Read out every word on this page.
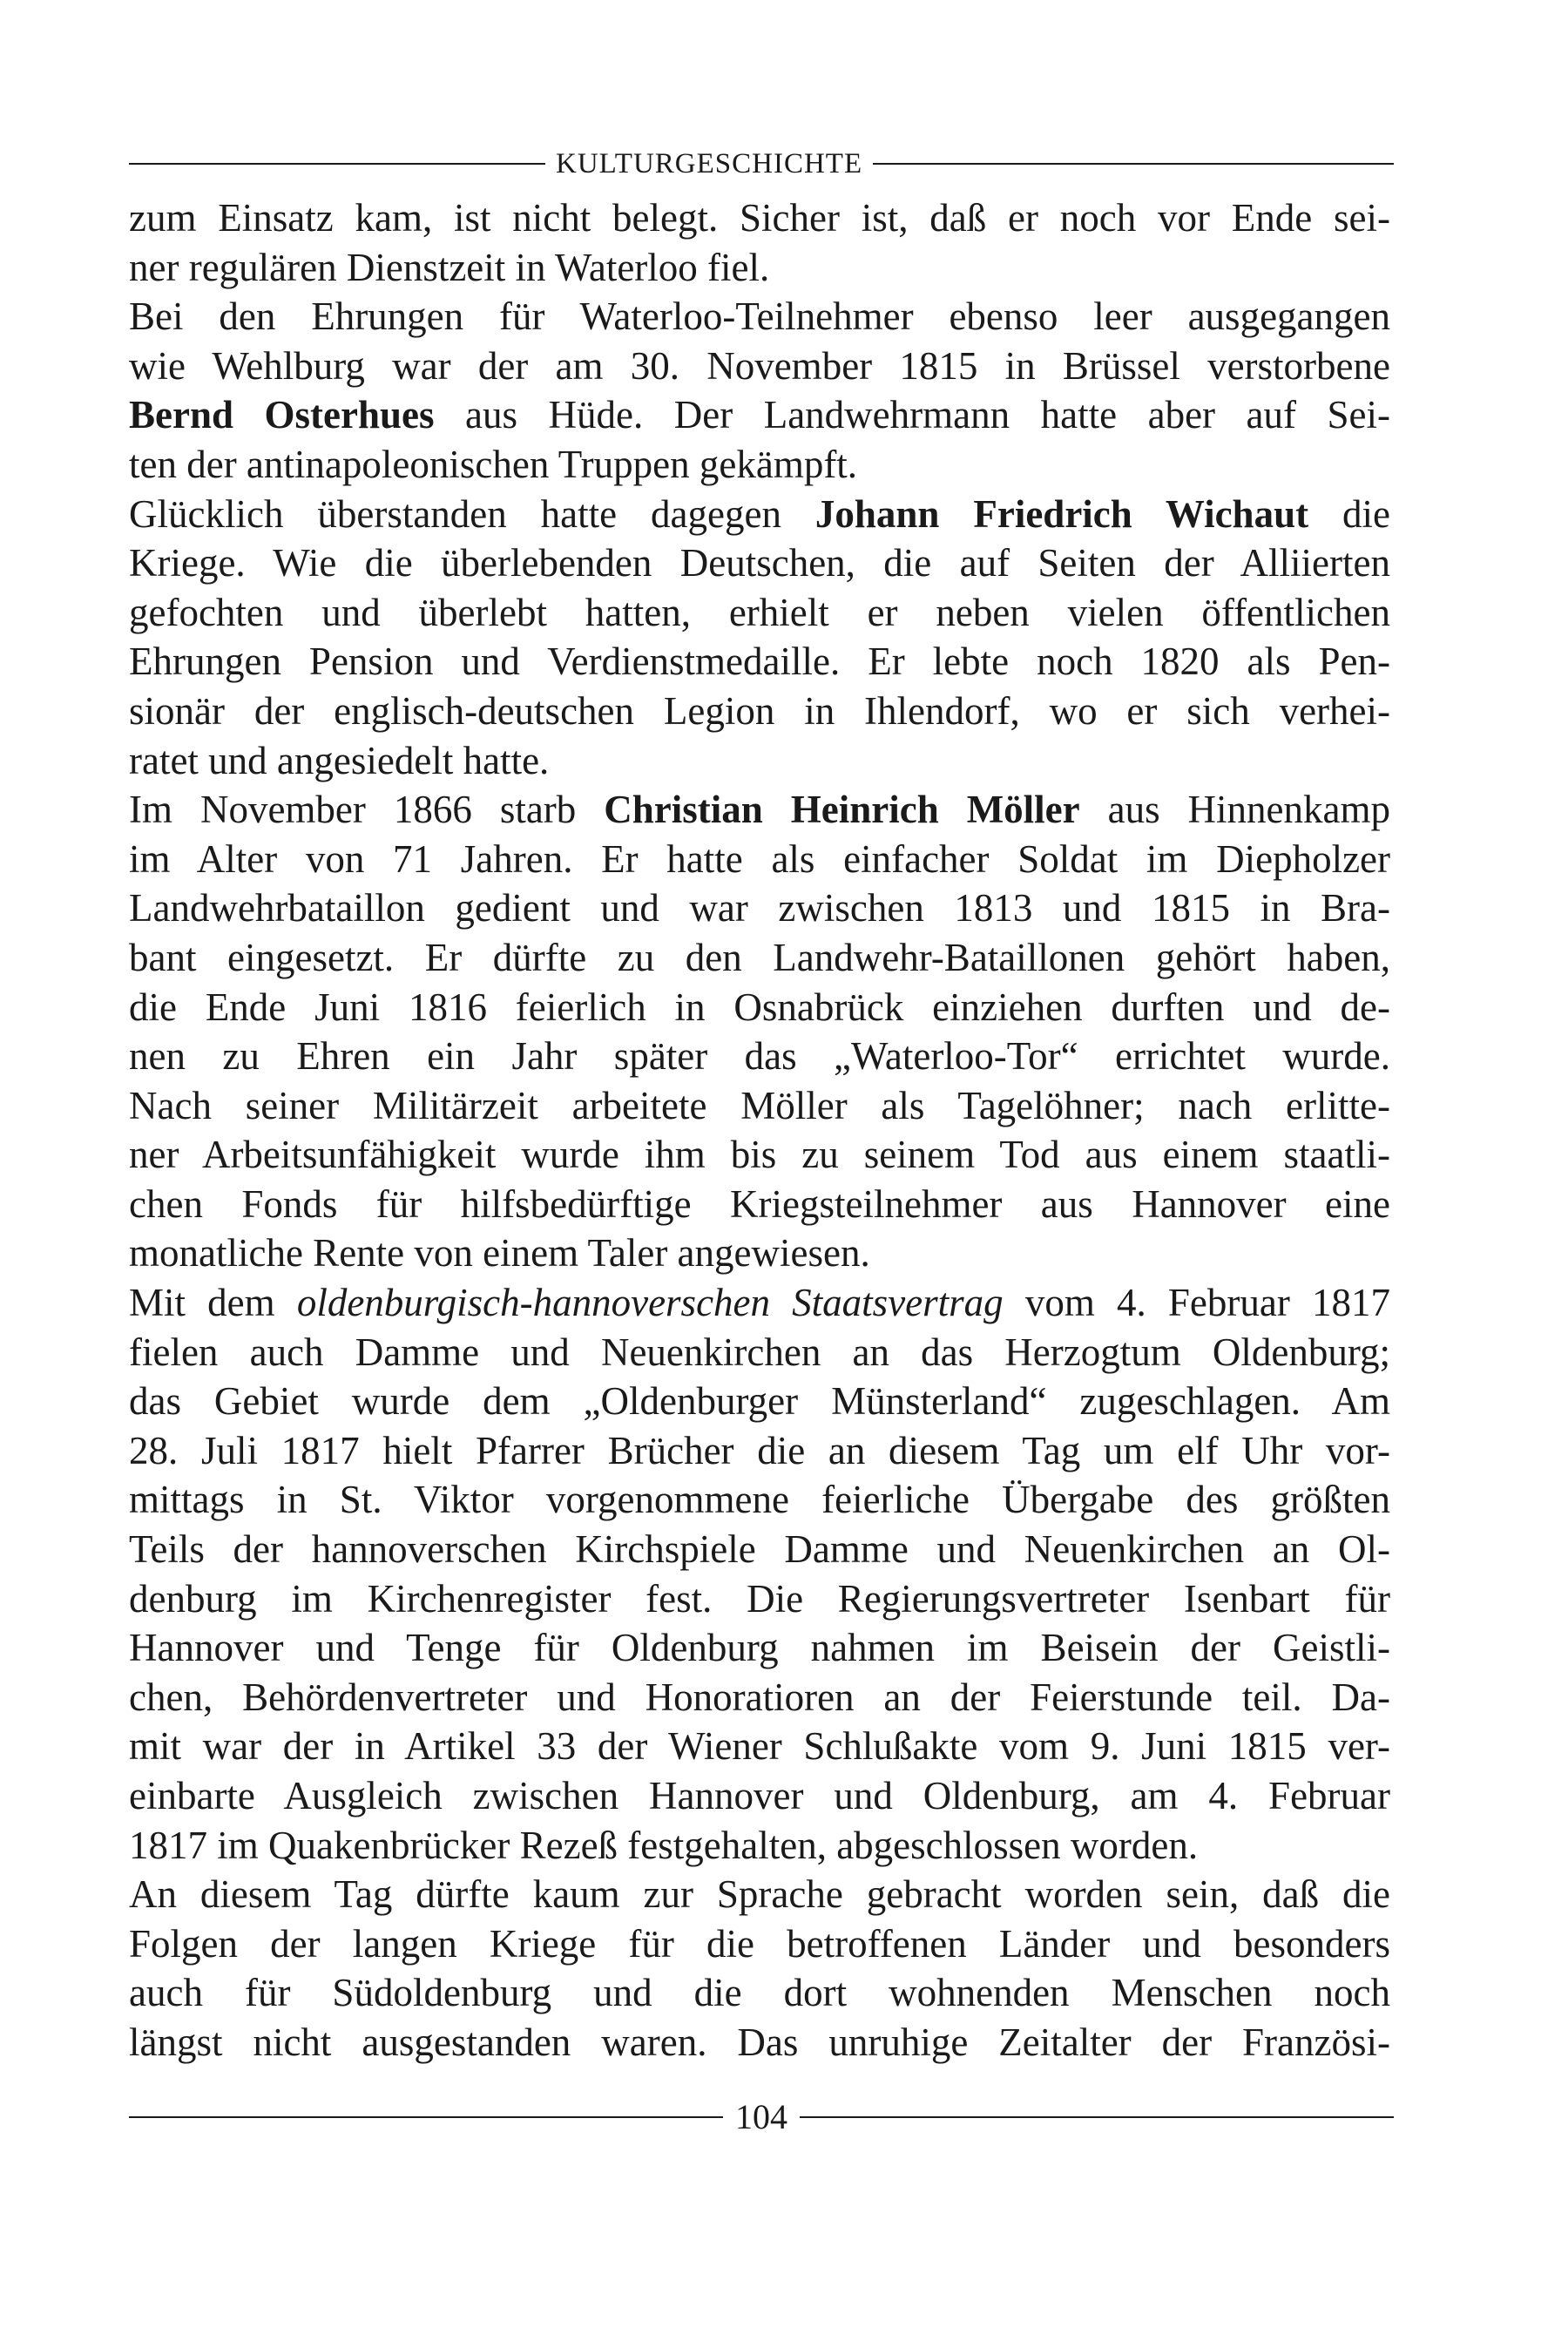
KULTURGESCHICHTE
zum Einsatz kam, ist nicht belegt. Sicher ist, daß er noch vor Ende sei-
ner regulären Dienstzeit in Waterloo fiel.
Bei den Ehrungen für Waterloo-Teilnehmer ebenso leer ausgegangen
wie Wehlburg war der am 30. November 1815 in Brüssel verstorbene
Bernd Osterhues aus Hüde. Der Landwehrmann hatte aber auf Sei-
ten der antinapoleonischen Truppen gekämpft.
Glücklich überstanden hatte dagegen Johann Friedrich Wichaut die
Kriege. Wie die überlebenden Deutschen, die auf Seiten der Alliierten
gefochten und überlebt hatten, erhielt er neben vielen öffentlichen
Ehrungen Pension und Verdienstmedaille. Er lebte noch 1820 als Pen-
sionär der englisch-deutschen Legion in Ihlendorf, wo er sich verhei-
ratet und angesiedelt hatte.
Im November 1866 starb Christian Heinrich Möller aus Hinnenkamp
im Alter von 71 Jahren. Er hatte als einfacher Soldat im Diepholzer
Landwehrbataillon gedient und war zwischen 1813 und 1815 in Bra-
bant eingesetzt. Er dürfte zu den Landwehr-Bataillonen gehört haben,
die Ende Juni 1816 feierlich in Osnabrück einziehen durften und de-
nen zu Ehren ein Jahr später das „Waterloo-Tor“ errichtet wurde.
Nach seiner Militärzeit arbeitete Möller als Tagelöhner; nach erlitte-
ner Arbeitsunfähigkeit wurde ihm bis zu seinem Tod aus einem staatli-
chen Fonds für hilfsbedürftige Kriegsteilnehmer aus Hannover eine
monatliche Rente von einem Taler angewiesen.
Mit dem oldenburgisch-hannoverschen Staatsvertrag vom 4. Februar 1817
fielen auch Damme und Neuenkirchen an das Herzogtum Oldenburg;
das Gebiet wurde dem „Oldenburger Münsterland“ zugeschlagen. Am
28. Juli 1817 hielt Pfarrer Brücher die an diesem Tag um elf Uhr vor-
mittags in St. Viktor vorgenommene feierliche Übergabe des größten
Teils der hannoverschen Kirchspiele Damme und Neuenkirchen an Ol-
denburg im Kirchenregister fest. Die Regierungsvertreter Isenbart für
Hannover und Tenge für Oldenburg nahmen im Beisein der Geistli-
chen, Behördenvertreter und Honoratioren an der Feierstunde teil. Da-
mit war der in Artikel 33 der Wiener Schlußakte vom 9. Juni 1815 ver-
einbarte Ausgleich zwischen Hannover und Oldenburg, am 4. Februar
1817 im Quakenbrücker Rezeß festgehalten, abgeschlossen worden.
An diesem Tag dürfte kaum zur Sprache gebracht worden sein, daß die
Folgen der langen Kriege für die betroffenen Länder und besonders
auch für Südoldenburg und die dort wohnenden Menschen noch
längst nicht ausgestanden waren. Das unruhige Zeitalter der Französi-
104
